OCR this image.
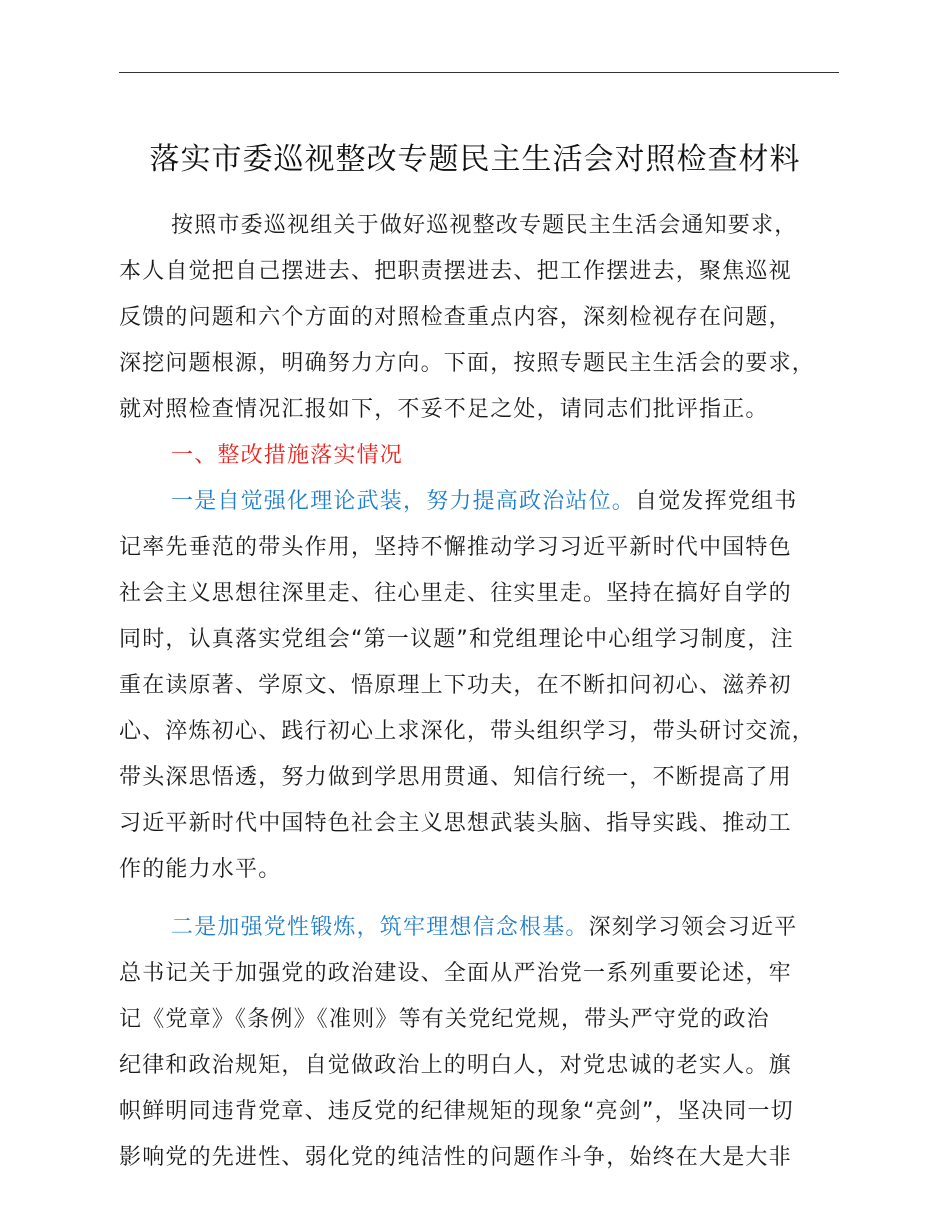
落实市委巡视整改专题民主生活会对照检查材料
按照市委巡视组关于做好巡视整改专题民主生活会通知要求，
本人自觉把自己摆进去、把职责摆进去、把工作摆进去，聚焦巡视
反馈的问题和六个方面的对照检查重点内容，深刻检视存在问题，
深挖问题根源，明确努力方向。下面，按照专题民主生活会的要求，
就对照检查情况汇报如下，不妥不足之处，请同志们批评指正。
一、整改措施落实情况
一是自觉强化理论武装，努力提高政治站位。自觉发挥党组书
记率先垂范的带头作用，坚持不懈推动学习习近平新时代中国特色
社会主义思想往深里走、往心里走、往实里走。坚持在搞好自学的
同时，认真落实党组会“第一议题”和党组理论中心组学习制度，注
重在读原著、学原文、悟原理上下功夫，在不断扣问初心、滋养初
心、淬炼初心、践行初心上求深化，带头组织学习，带头研讨交流，
带头深思悟透，努力做到学思用贯通、知信行统一，不断提高了用
习近平新时代中国特色社会主义思想武装头脑、指导实践、推动工
作的能力水平。
二是加强党性锻炼，筑牢理想信念根基。深刻学习领会习近平
总书记关于加强党的政治建设、全面从严治党一系列重要论述，牢
记《党章》《条例》《准则》等有关党纪党规，带头严守党的政治
纪律和政治规矩，自觉做政治上的明白人，对党忠诚的老实人。旗
帜鲜明同违背党章、违反党的纪律规矩的现象“亮剑”，坚决同一切
影响党的先进性、弱化党的纯洁性的问题作斗争，始终在大是大非
